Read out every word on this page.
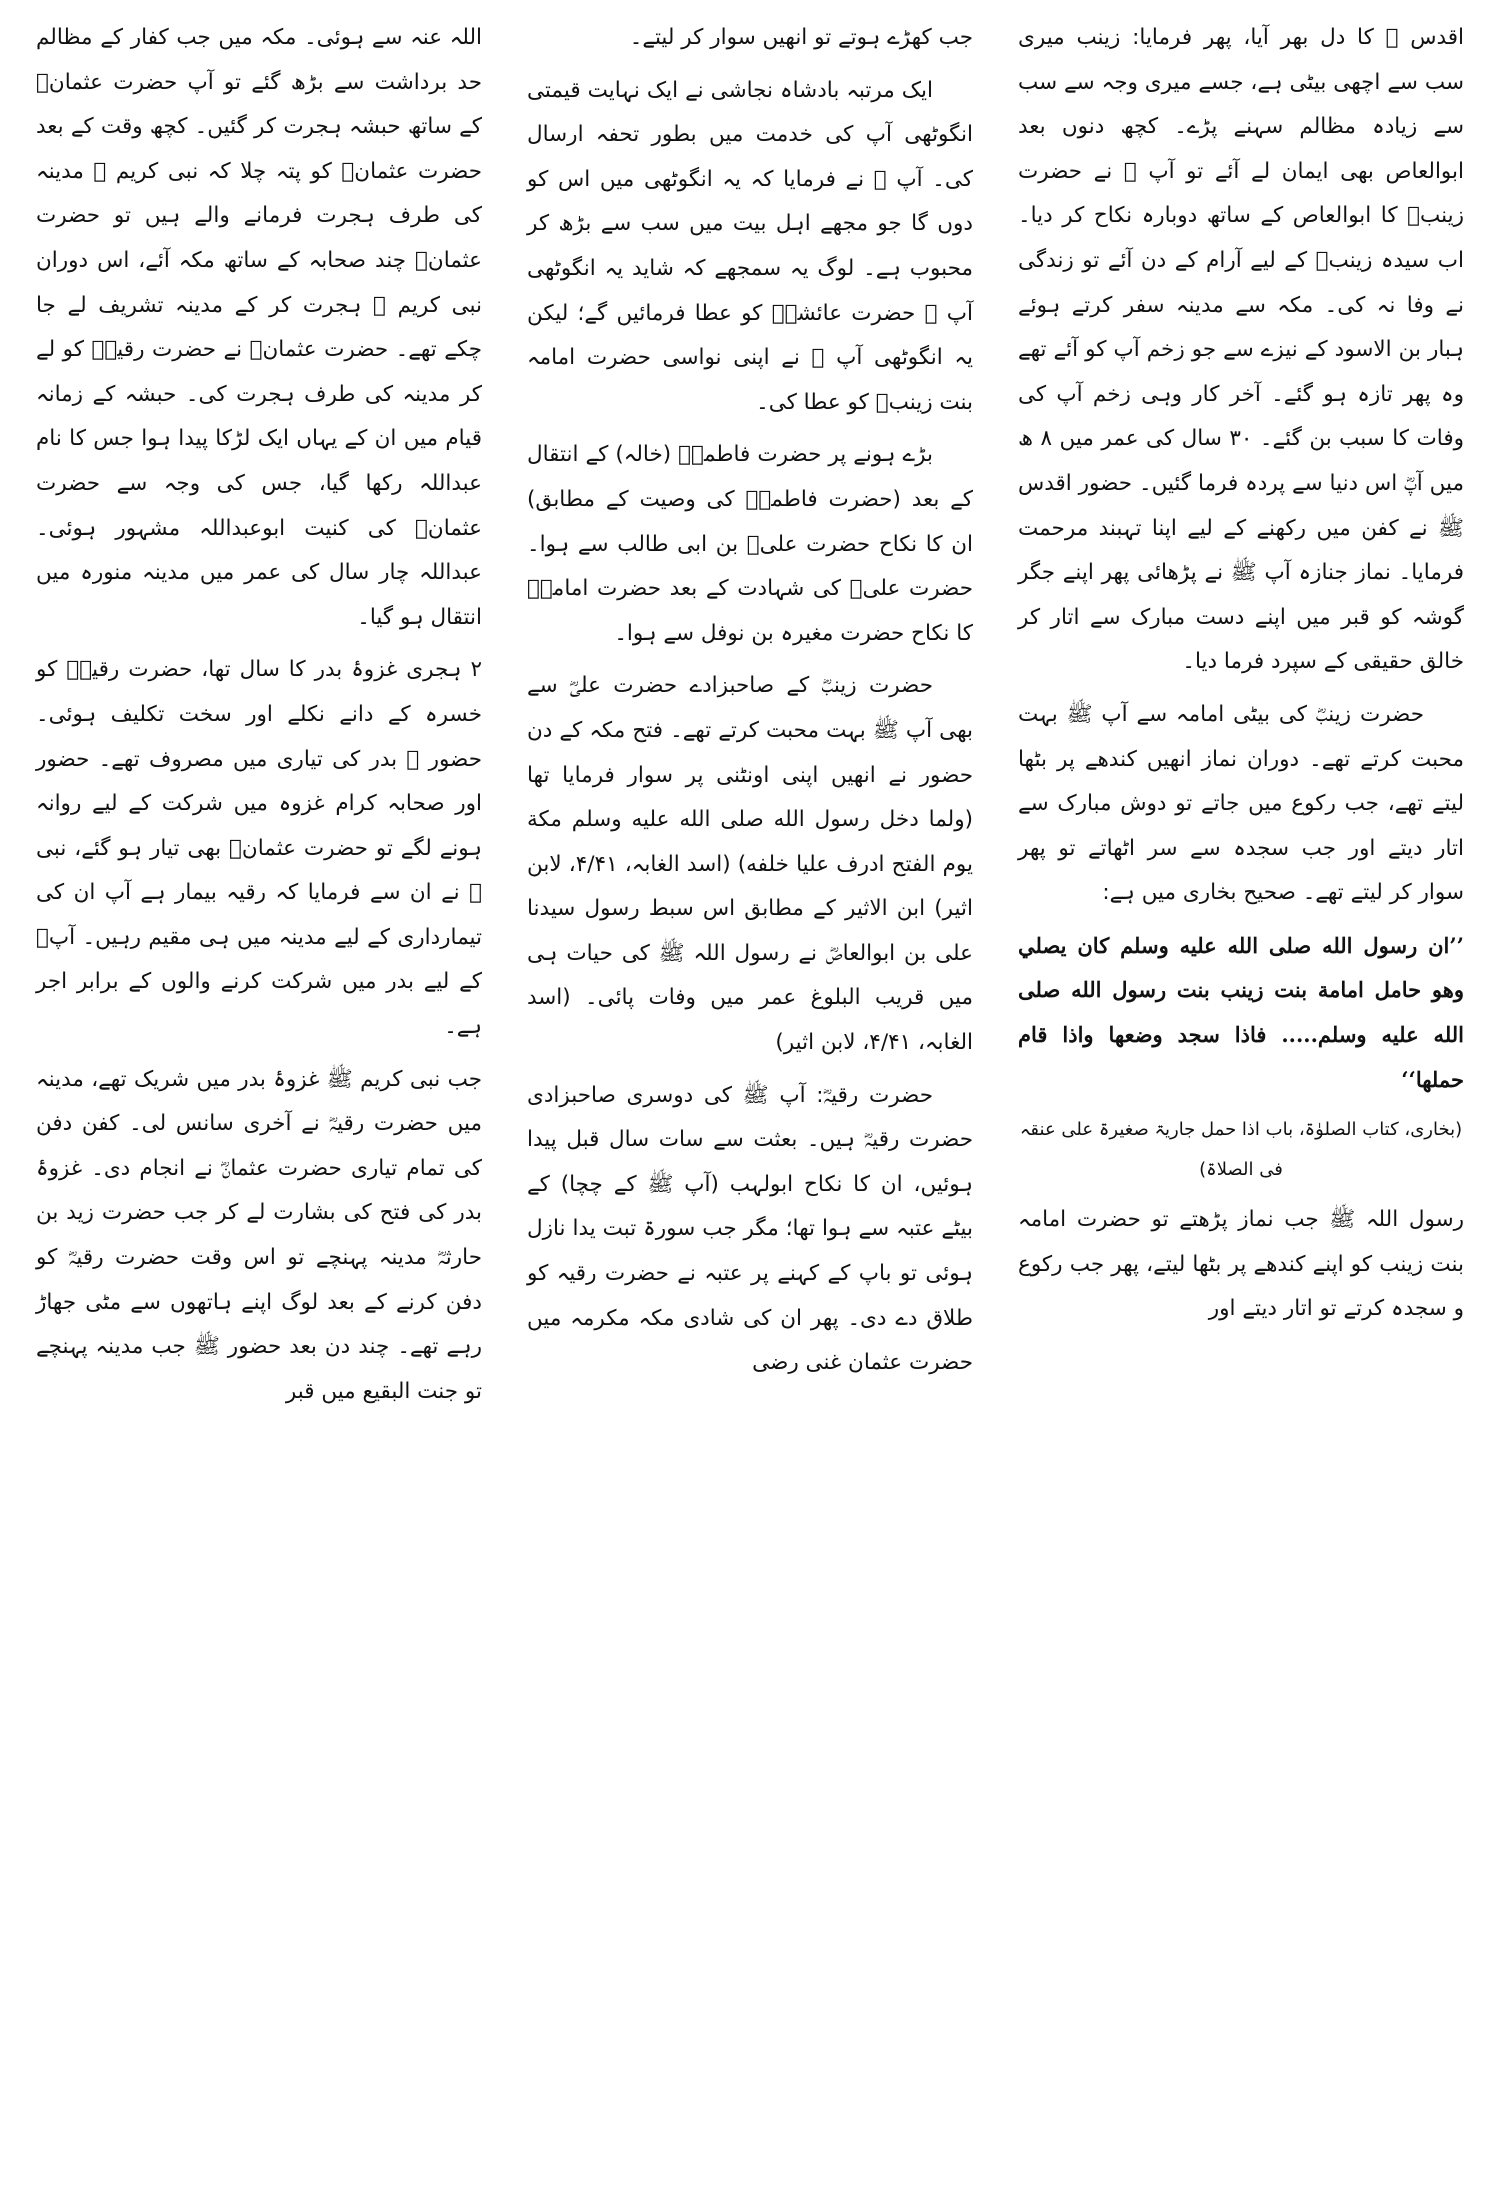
اقدس ﷺ کا دل بھر آیا، پھر فرمایا: زینب میری سب سے اچھی بیٹی ہے، جسے میری وجہ سے سب سے زیادہ مظالم سہنے پڑے۔ کچھ دنوں بعد ابوالعاص بھی ایمان لے آئے تو آپ ﷺ نے حضرت زینبؓ کا ابوالعاص کے ساتھ دوبارہ نکاح کر دیا۔ اب سیدہ زینبؓ کے لیے آرام کے دن آئے تو زندگی نے وفا نہ کی۔ مکہ سے مدینہ سفر کرتے ہوئے ہبار بن الاسود کے نیزے سے جو زخم آپ کو آئے تھے وہ پھر تازہ ہو گئے۔ آخر کار وہی زخم آپ کی وفات کا سبب بن گئے۔ ۳۰ سال کی عمر میں ۸ ھ میں آپؓ اس دنیا سے پردہ فرما گئیں۔ حضور اقدس ﷺ نے کفن میں رکھنے کے لیے اپنا تہبند مرحمت فرمایا۔ نماز جنازہ آپ ﷺ نے پڑھائی پھر اپنے جگر گوشہ کو قبر میں اپنے دست مبارک سے اتار کر خالق حقیقی کے سپرد فرما دیا۔

حضرت زینبؓ کی بیٹی امامہ سے آپ ﷺ بہت محبت کرتے تھے۔ دوران نماز انھیں کندھے پر بٹھا لیتے تھے، جب رکوع میں جاتے تو دوش مبارک سے اتار دیتے اور جب سجدہ سے سر اٹھاتے تو پھر سوار کر لیتے تھے۔ صحیح بخاری میں ہے:

’’ان رسول الله صلى الله عليه وسلم كان يصلي وهو حامل امامة بنت زينب بنت رسول الله صلى الله عليه وسلم..... فاذا سجد وضعها واذا قام حملها‘‘

(بخاری، کتاب الصلوٰۃ، باب اذا حمل جاریۃ صغیرۃ علی عنقہ فی الصلاۃ)

رسول اللہ ﷺ جب نماز پڑھتے تو حضرت امامہ بنت زینب کو اپنے کندھے پر بٹھا لیتے، پھر جب رکوع و سجدہ کرتے تو اتار دیتے اور

جب کھڑے ہوتے تو انھیں سوار کر لیتے۔

ایک مرتبہ بادشاہ نجاشی نے ایک نہایت قیمتی انگوٹھی آپ کی خدمت میں بطور تحفہ ارسال کی۔ آپ ﷺ نے فرمایا کہ یہ انگوٹھی میں اس کو دوں گا جو مجھے اہل بیت میں سب سے بڑھ کر محبوب ہے۔ لوگ یہ سمجھے کہ شاید یہ انگوٹھی آپ ﷺ حضرت عائشہؓ کو عطا فرمائیں گے؛ لیکن یہ انگوٹھی آپ ﷺ نے اپنی نواسی حضرت امامہ بنت زینبؓ کو عطا کی۔

بڑے ہونے پر حضرت فاطمہؓ (خالہ) کے انتقال کے بعد (حضرت فاطمہؓ کی وصیت کے مطابق) ان کا نکاح حضرت علیؓ بن ابی طالب سے ہوا۔ حضرت علیؓ کی شہادت کے بعد حضرت امامہؓ کا نکاح حضرت مغیرہ بن نوفل سے ہوا۔

حضرت زینبؓ کے صاحبزادے حضرت علیؓ سے بھی آپ ﷺ بہت محبت کرتے تھے۔ فتح مکہ کے دن حضور نے انھیں اپنی اونٹنی پر سوار فرمایا تھا (ولما دخل رسول الله صلى الله عليه وسلم مكة يوم الفتح ادرف عليا خلفه) (اسد الغابہ، ۴/۴۱، لابن اثیر) ابن الاثیر کے مطابق اس سبط رسول سیدنا علی بن ابوالعاصؓ نے رسول اللہ ﷺ کی حیات ہی میں قریب البلوغ عمر میں وفات پائی۔ (اسد الغابہ، ۴/۴۱، لابن اثیر)

حضرت رقیہؓ: آپ ﷺ کی دوسری صاحبزادی حضرت رقیہؓ ہیں۔ بعثت سے سات سال قبل پیدا ہوئیں، ان کا نکاح ابولہب (آپ ﷺ کے چچا) کے بیٹے عتبہ سے ہوا تھا؛ مگر جب سورۃ تبت یدا نازل ہوئی تو باپ کے کہنے پر عتبہ نے حضرت رقیہ کو طلاق دے دی۔ پھر ان کی شادی مکہ مکرمہ میں حضرت عثمان غنی رضی

اللہ عنہ سے ہوئی۔ مکہ میں جب کفار کے مظالم حد برداشت سے بڑھ گئے تو آپ حضرت عثمانؓ کے ساتھ حبشہ ہجرت کر گئیں۔ کچھ وقت کے بعد حضرت عثمانؓ کو پتہ چلا کہ نبی کریم ﷺ مدینہ کی طرف ہجرت فرمانے والے ہیں تو حضرت عثمانؓ چند صحابہ کے ساتھ مکہ آئے، اس دوران نبی کریم ﷺ ہجرت کر کے مدینہ تشریف لے جا چکے تھے۔ حضرت عثمانؓ نے حضرت رقیہؓ کو لے کر مدینہ کی طرف ہجرت کی۔ حبشہ کے زمانہ قیام میں ان کے یہاں ایک لڑکا پیدا ہوا جس کا نام عبداللہ رکھا گیا، جس کی وجہ سے حضرت عثمانؓ کی کنیت ابوعبداللہ مشہور ہوئی۔ عبداللہ چار سال کی عمر میں مدینہ منورہ میں انتقال ہو گیا۔

۲ ہجری غزوۂ بدر کا سال تھا، حضرت رقیہؓ کو خسرہ کے دانے نکلے اور سخت تکلیف ہوئی۔ حضور ﷺ بدر کی تیاری میں مصروف تھے۔ حضور اور صحابہ کرام غزوہ میں شرکت کے لیے روانہ ہونے لگے تو حضرت عثمانؓ بھی تیار ہو گئے، نبی ﷺ نے ان سے فرمایا کہ رقیہ بیمار ہے آپ ان کی تیمارداری کے لیے مدینہ میں ہی مقیم رہیں۔ آپؓ کے لیے بدر میں شرکت کرنے والوں کے برابر اجر ہے۔

جب نبی کریم ﷺ غزوۂ بدر میں شریک تھے، مدینہ میں حضرت رقیہؓ نے آخری سانس لی۔ کفن دفن کی تمام تیاری حضرت عثمانؓ نے انجام دی۔ غزوۂ بدر کی فتح کی بشارت لے کر جب حضرت زید بن حارثہؓ مدینہ پہنچے تو اس وقت حضرت رقیہؓ کو دفن کرنے کے بعد لوگ اپنے ہاتھوں سے مٹی جھاڑ رہے تھے۔ چند دن بعد حضور ﷺ جب مدینہ پہنچے تو جنت البقیع میں قبر
